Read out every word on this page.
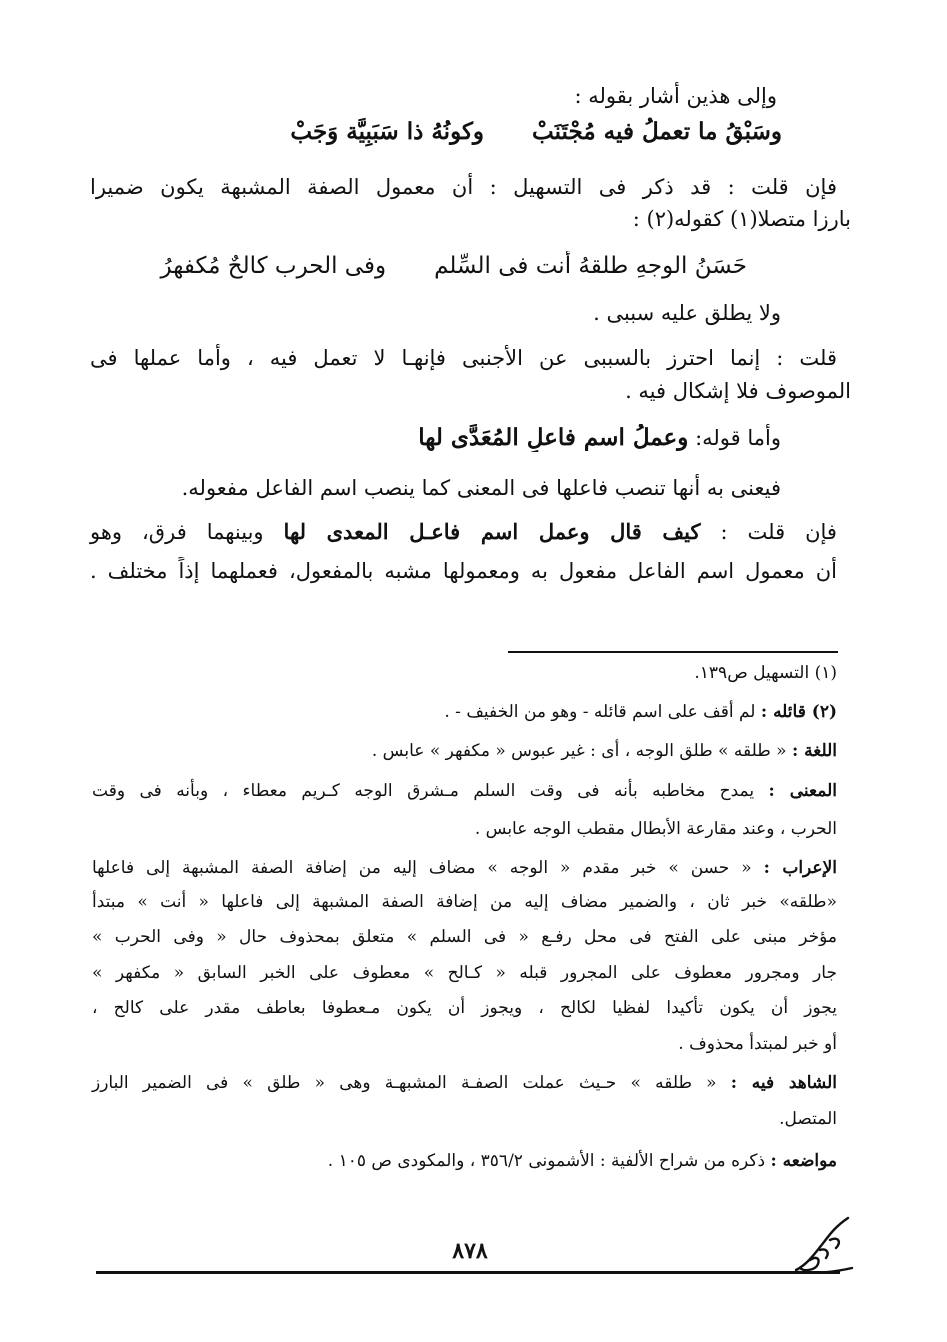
وإلى هذين أشار بقوله :
وسَبْقُ ما تعملُ فيه مُجْتَنَبْوكونُهُ ذا سَبَبِيَّة وَجَبْ
فإن قلت : قد ذكر فى التسهيل : أن معمول الصفة المشبهة يكون ضميرا
بارزا متصلا(١) كقوله(٢) :
حَسَنُ الوجهِ طلقهُ أنت فى السِّلموفى الحرب كالحٌ مُكفهرُ
ولا يطلق عليه سببى .
قلت : إنما احترز بالسببى عن الأجنبى فإنهـا لا تعمل فيه ، وأما عملها فى
الموصوف فلا إشكال فيه .
وأما قوله: وعملُ اسم فاعلِ المُعَدَّى لها
فيعنى به أنها تنصب فاعلها فى المعنى كما ينصب اسم الفاعل مفعوله.
فإن قلت : كيف قال وعمل اسم فاعـل المعدى لها وبينهما فرق، وهو
أن معمول اسم الفاعل مفعول به ومعمولها مشبه بالمفعول، فعملهما إذاً مختلف .
(١) التسهيل ص١٣٩.
(٢) قائله : لم أقف على اسم قائله - وهو من الخفيف - .
اللغة : « طلقه » طلق الوجه ، أى : غير عبوس « مكفهر » عابس .
المعنى : يمدح مخاطبه بأنه فى وقت السلم مـشرق الوجه كـريم معطاء ، وبأنه فى وقت
الحرب ، وعند مقارعة الأبطال مقطب الوجه عابس .
الإعراب : « حسن » خبر مقدم « الوجه » مضاف إليه من إضافة الصفة المشبهة إلى فاعلها
«طلقه» خبر ثان ، والضمير مضاف إليه من إضافة الصفة المشبهة إلى فاعلها « أنت » مبتدأ
مؤخر مبنى على الفتح فى محل رفـع « فى السلم » متعلق بمحذوف حال « وفى الحرب »
جار ومجرور معطوف على المجرور قبله « كـالح » معطوف على الخبر السابق « مكفهر »
يجوز أن يكون تأكيدا لفظيا لكالح ، ويجوز أن يكون مـعطوفا بعاطف مقدر على كالح ،
أو خبر لمبتدأ محذوف .
الشاهد فيه : « طلقه » حـيث عملت الصفـة المشبهـة وهى « طلق » فى الضمير البارز
المتصل.
مواضعه : ذكره من شراح الألفية : الأشمونى ٣٥٦/٢ ، والمكودى ص ١٠٥ .
٨٧٨
